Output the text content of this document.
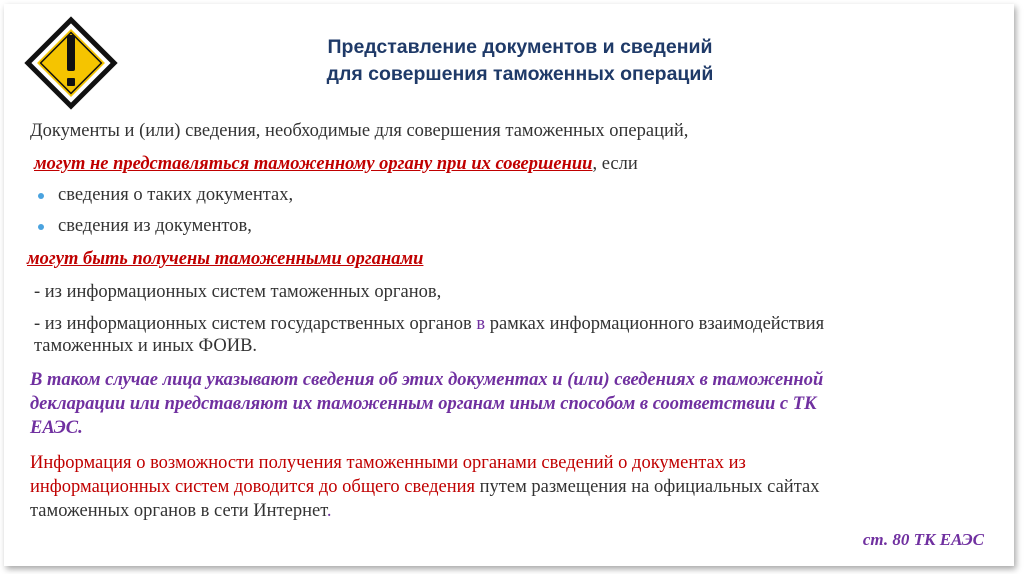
Представление документов и сведений
для совершения таможенных операций
Документы и (или) сведения, необходимые для совершения таможенных операций,
могут не представляться таможенному органу при их совершении, если
сведения о таких документах,
сведения из документов,
могут быть получены таможенными органами
- из информационных систем таможенных органов,
- из информационных систем государственных органов в рамках информационного взаимодействия
таможенных и иных ФОИВ.
В таком случае лица указывают сведения об этих документах и (или) сведениях в таможенной
декларации или представляют их таможенным органам иным способом в соответствии с ТК
ЕАЭС.
Информация о возможности получения таможенными органами сведений о документах из
информационных систем доводится до общего сведения путем размещения на официальных сайтах
таможенных органов в сети Интернет.
ст. 80 ТК ЕАЭС
